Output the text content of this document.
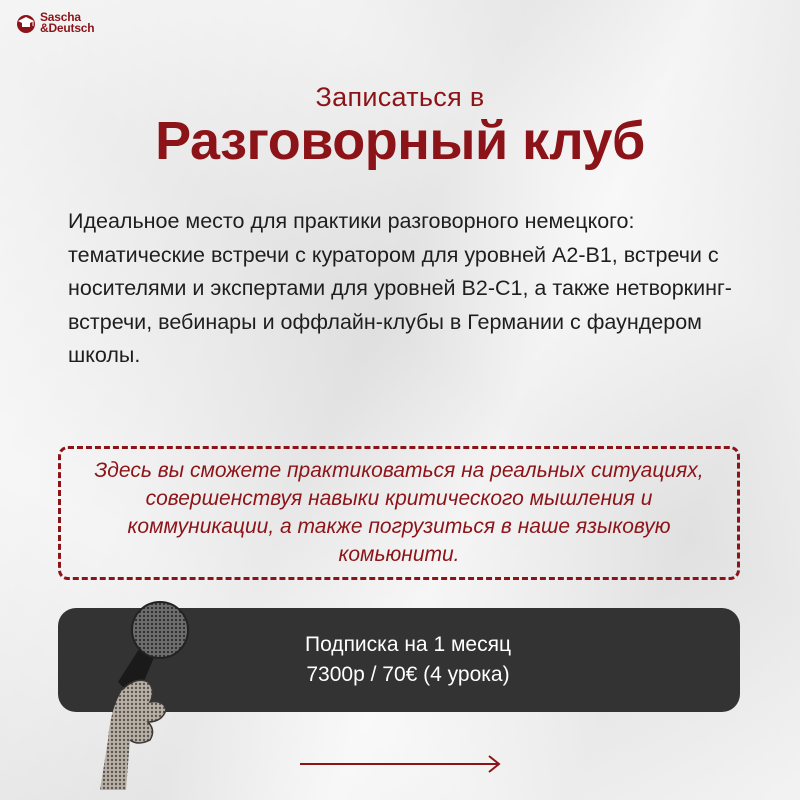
Sascha
&Deutsch
Записаться в
Разговорный клуб
Идеальное место для практики разговорного немецкого: тематические встречи с куратором для уровней A2-B1, встречи с носителями и экспертами для уровней B2-C1, а также нетворкинг-встречи, вебинары и оффлайн-клубы в Германии с фаундером школы.
Здесь вы сможете практиковаться на реальных ситуациях, совершенствуя навыки критического мышления и коммуникации, а также погрузиться в наше языковую комьюнити.
Подписка на 1 месяц
7300р / 70€ (4 урока)
